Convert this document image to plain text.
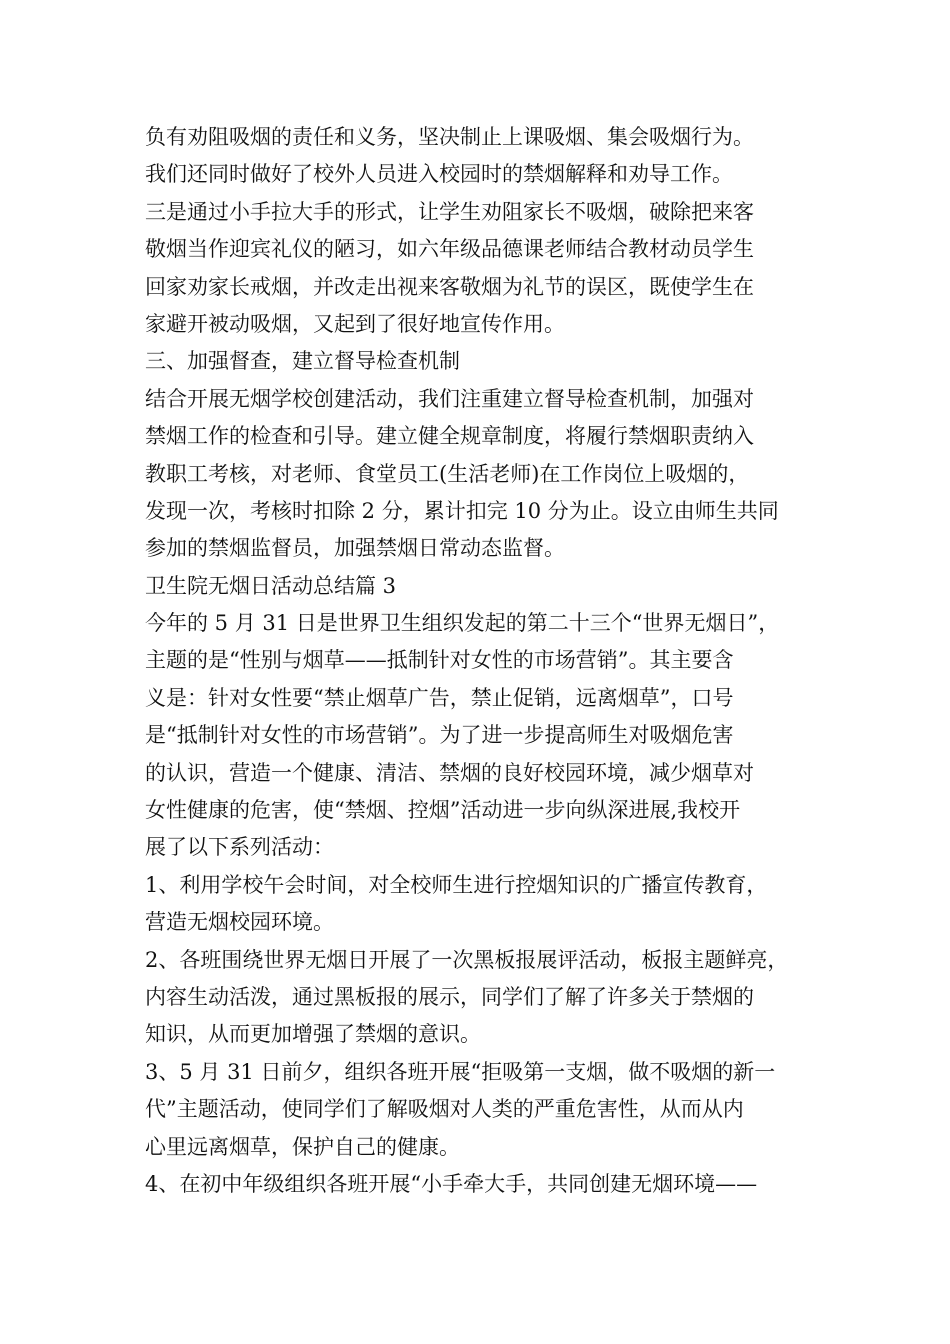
负有劝阻吸烟的责任和义务，坚决制止上课吸烟、集会吸烟行为。
我们还同时做好了校外人员进入校园时的禁烟解释和劝导工作。
三是通过小手拉大手的形式，让学生劝阻家长不吸烟，破除把来客
敬烟当作迎宾礼仪的陋习，如六年级品德课老师结合教材动员学生
回家劝家长戒烟，并改走出视来客敬烟为礼节的误区，既使学生在
家避开被动吸烟，又起到了很好地宣传作用。
三、加强督查，建立督导检查机制
结合开展无烟学校创建活动，我们注重建立督导检查机制，加强对
禁烟工作的检查和引导。建立健全规章制度，将履行禁烟职责纳入
教职工考核，对老师、食堂员工(生活老师)在工作岗位上吸烟的，
发现一次，考核时扣除 2 分，累计扣完 10 分为止。设立由师生共同
参加的禁烟监督员，加强禁烟日常动态监督。
卫生院无烟日活动总结篇 3
今年的 5 月 31 日是世界卫生组织发起的第二十三个“世界无烟日”，
主题的是“性别与烟草——抵制针对女性的市场营销”。其主要含
义是：针对女性要“禁止烟草广告，禁止促销，远离烟草”，口号
是“抵制针对女性的市场营销”。为了进一步提高师生对吸烟危害
的认识，营造一个健康、清洁、禁烟的良好校园环境，减少烟草对
女性健康的危害，使“禁烟、控烟”活动进一步向纵深进展,我校开
展了以下系列活动：
1、利用学校午会时间，对全校师生进行控烟知识的广播宣传教育，
营造无烟校园环境。
2、各班围绕世界无烟日开展了一次黑板报展评活动，板报主题鲜亮，
内容生动活泼，通过黑板报的展示，同学们了解了许多关于禁烟的
知识，从而更加增强了禁烟的意识。
3、5 月 31 日前夕，组织各班开展“拒吸第一支烟，做不吸烟的新一
代”主题活动，使同学们了解吸烟对人类的严重危害性，从而从内
心里远离烟草，保护自己的健康。
4、在初中年级组织各班开展“小手牵大手，共同创建无烟环境——
